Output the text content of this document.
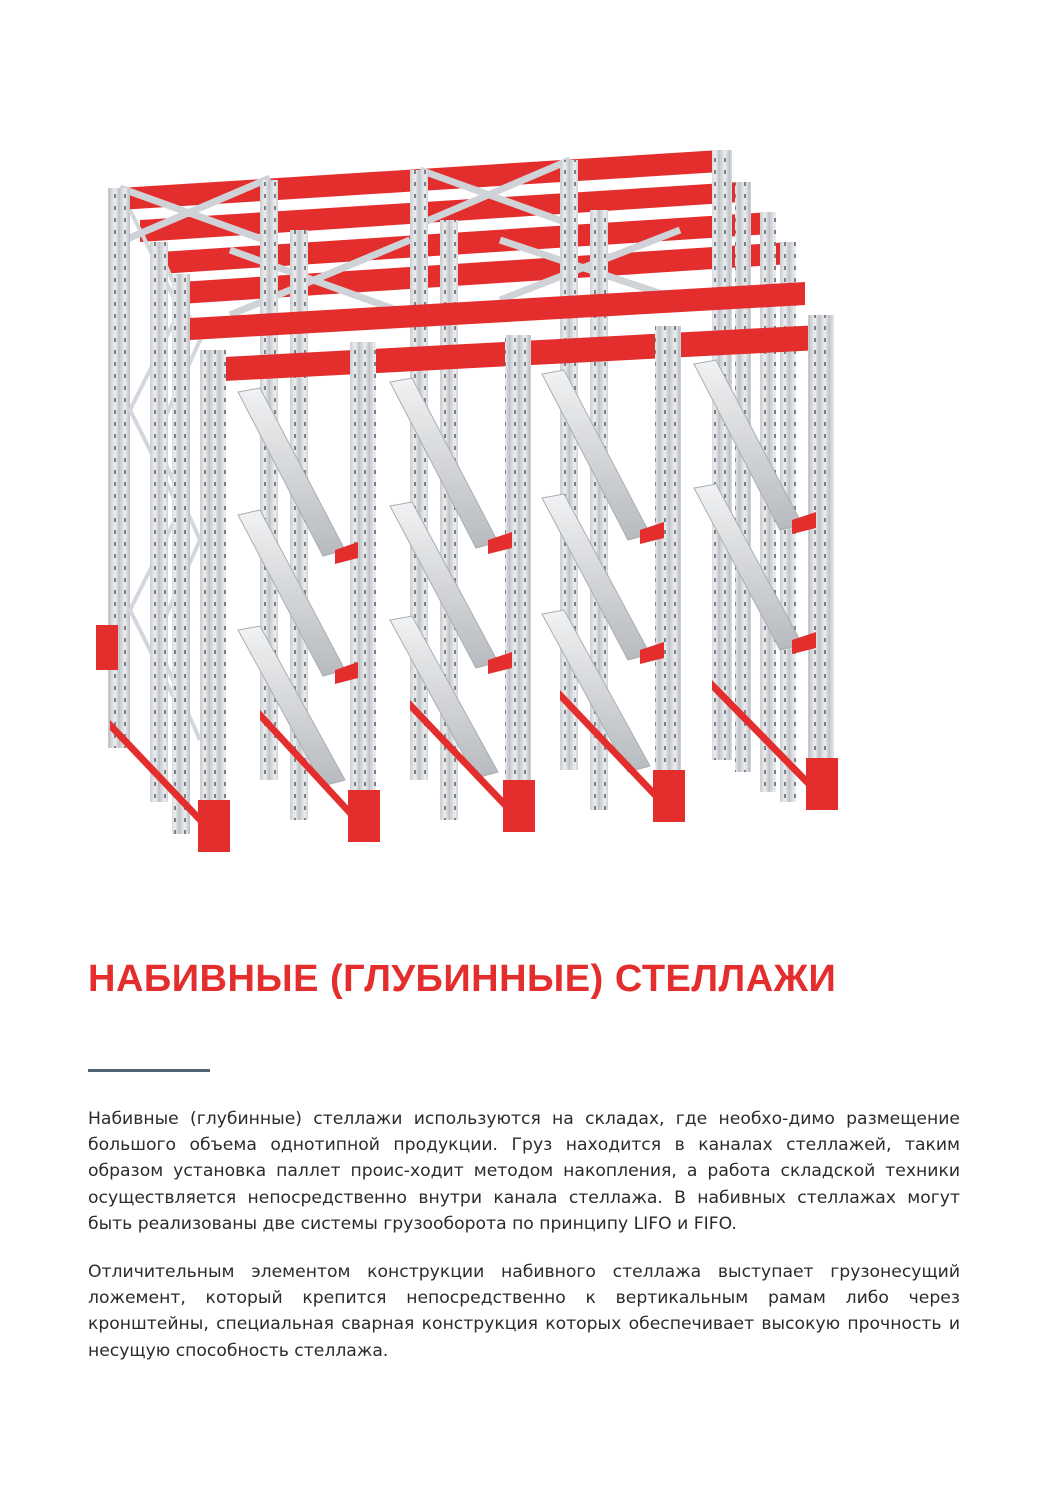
НАБИВНЫЕ (ГЛУБИННЫЕ) СТЕЛЛАЖИ

Набивные (глубинные) стеллажи используются на складах, где необхо-димо размещение большого объема однотипной продукции. Груз находится в каналах стеллажей, таким образом установка паллет проис-ходит методом накопления, а работа складской техники осуществляется непосредственно внутри канала стеллажа. В набивных стеллажах могут быть реализованы две системы грузооборота по принципу LIFO и FIFO.

Отличительным элементом конструкции набивного стеллажа выступает грузонесущий ложемент, который крепится непосредственно к вертикальным рамам либо через кронштейны, специальная сварная конструкция которых обеспечивает высокую прочность и несущую способность стеллажа.
